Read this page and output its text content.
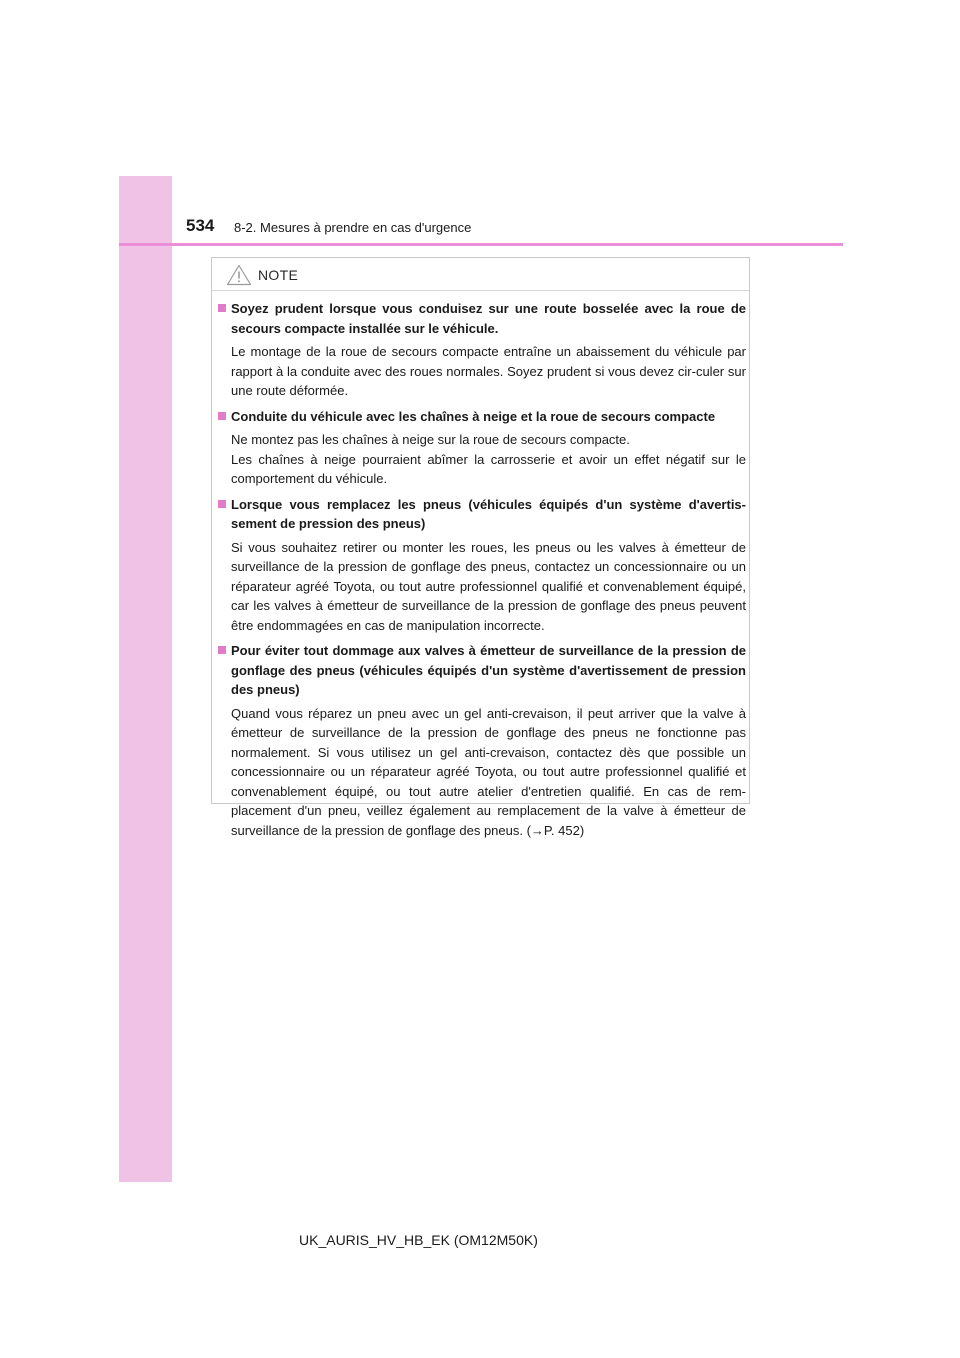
534 8-2. Mesures à prendre en cas d'urgence
NOTE
Soyez prudent lorsque vous conduisez sur une route bosselée avec la roue de secours compacte installée sur le véhicule.

Le montage de la roue de secours compacte entraîne un abaissement du véhicule par rapport à la conduite avec des roues normales. Soyez prudent si vous devez cir-culer sur une route déformée.

Conduite du véhicule avec les chaînes à neige et la roue de secours compacte

Ne montez pas les chaînes à neige sur la roue de secours compacte.

Les chaînes à neige pourraient abîmer la carrosserie et avoir un effet négatif sur le comportement du véhicule.

Lorsque vous remplacez les pneus (véhicules équipés d'un système d'avertis-sement de pression des pneus)

Si vous souhaitez retirer ou monter les roues, les pneus ou les valves à émetteur de surveillance de la pression de gonflage des pneus, contactez un concessionnaire ou un réparateur agréé Toyota, ou tout autre professionnel qualifié et convenablement équipé, car les valves à émetteur de surveillance de la pression de gonflage des pneus peuvent être endommagées en cas de manipulation incorrecte.

Pour éviter tout dommage aux valves à émetteur de surveillance de la pression de gonflage des pneus (véhicules équipés d'un système d'avertissement de pression des pneus)

Quand vous réparez un pneu avec un gel anti-crevaison, il peut arriver que la valve à émetteur de surveillance de la pression de gonflage des pneus ne fonctionne pas normalement. Si vous utilisez un gel anti-crevaison, contactez dès que possible un concessionnaire ou un réparateur agréé Toyota, ou tout autre professionnel qualifié et convenablement équipé, ou tout autre atelier d'entretien qualifié. En cas de rem-placement d'un pneu, veillez également au remplacement de la valve à émetteur de surveillance de la pression de gonflage des pneus. (→P. 452)

UK_AURIS_HV_HB_EK (OM12M50K)
